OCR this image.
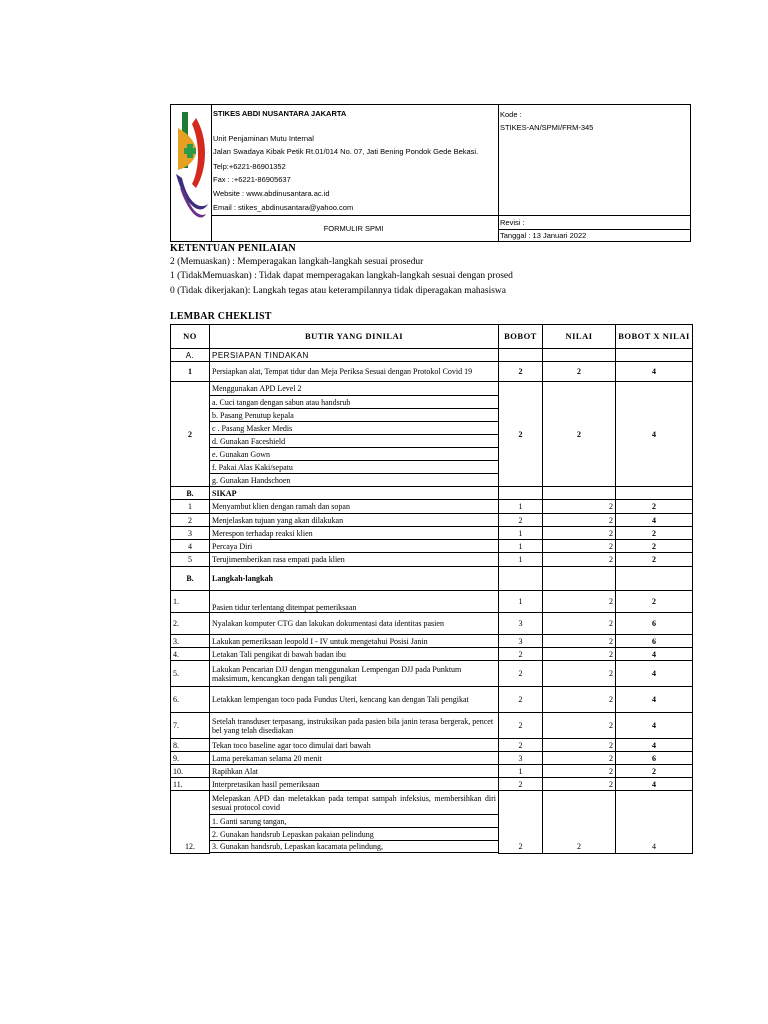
STIKES ABDI NUSANTARA JAKARTA
Unit Penjaminan Mutu Internal
Jalan Swadaya Kibak Petik Rt.01/014 No. 07, Jati Bening Pondok Gede Bekasi.
Telp:+6221-86901352
Fax : :+6221-86905637
Website : www.abdinusantara.ac.id
Email : stikes_abdinusantara@yahoo.com
FORMULIR SPMI
Kode :
STIKES-AN/SPMI/FRM-345
Revisi :
Tanggal : 13 Januari 2022
KETENTUAN PENILAIAN
2 (Memuaskan) : Memperagakan langkah-langkah sesuai prosedur
1 (TidakMemuaskan) : Tidak dapat memperagakan langkah-langkah sesuai dengan prosed
0 (Tidak dikerjakan): Langkah tegas atau keterampilannya tidak diperagakan mahasiswa
LEMBAR CHEKLIST
NO	BUTIR YANG DINILAI	BOBOT	NILAI	BOBOT X NILAI
A.	PERSIAPAN TINDAKAN			
1	Persiapkan alat, Tempat tidur dan Meja Periksa Sesuai dengan Protokol Covid 19	2	2	4
2	Menggunakan APD Level 2	2	2	4
	a. Cuci tangan dengan sabun atau handsrub			
	b. Pasang Penutup kepala			
	c . Pasang Masker Medis			
	d. Gunakan Faceshield			
	e. Gunakan Gown			
	f. Pakai Alas Kaki/sepatu			
	g. Gunakan Handschoen			
B.	SIKAP			
1	Menyambut klien dengan ramah dan sopan	1	2	2
2	Menjelaskan tujuan yang akan dilakukan	2	2	4
3	Merespon terhadap reaksi klien	1	2	2
4	Percaya Diri	1	2	2
5	Terujimemberikan rasa empati pada klien	1	2	2
B.	Langkah-langkah			
1.	Pasien tidur terlentang ditempat pemeriksaan	1	2	2
2.	Nyalakan komputer CTG dan lakukan dokumentasi data identitas pasien	3	2	6
3.	Lakukan pemeriksaan leopold I - IV untuk mengetahui Posisi Janin	3	2	6
4.	Letakan Tali pengikat di bawah badan ibu	2	2	4
5.	Lakukan Pencarian DJJ dengan menggunakan Lempengan DJJ pada Punktum maksimum, kencangkan dengan tali pengikat	2	2	4
6.	Letakkan lempengan toco pada Fundus Uteri, kencang kan dengan Tali pengikat	2	2	4
7.	Setelah transduser terpasang, instruksikan pada pasien bila janin terasa bergerak, pencet bel yang telah disediakan	2	2	4
8.	Tekan toco baseline agar toco dimulai dari bawah	2	2	4
9.	Lama perekaman selama 20 menit	3	2	6
10.	Rapihkan Alat	1	2	2
11.	Interpretasikan hasil pemeriksaan	2	2	4
12.	Melepaskan APD dan meletakkan pada tempat sampah infeksius, membersihkan diri sesuai protocol covid	2	2	4
	1. Ganti sarung tangan,			
	2. Gunakan handsrub Lepaskan pakaian pelindung			
	3. Gunakan handsrub, Lepaskan kacamata pelindung,			
